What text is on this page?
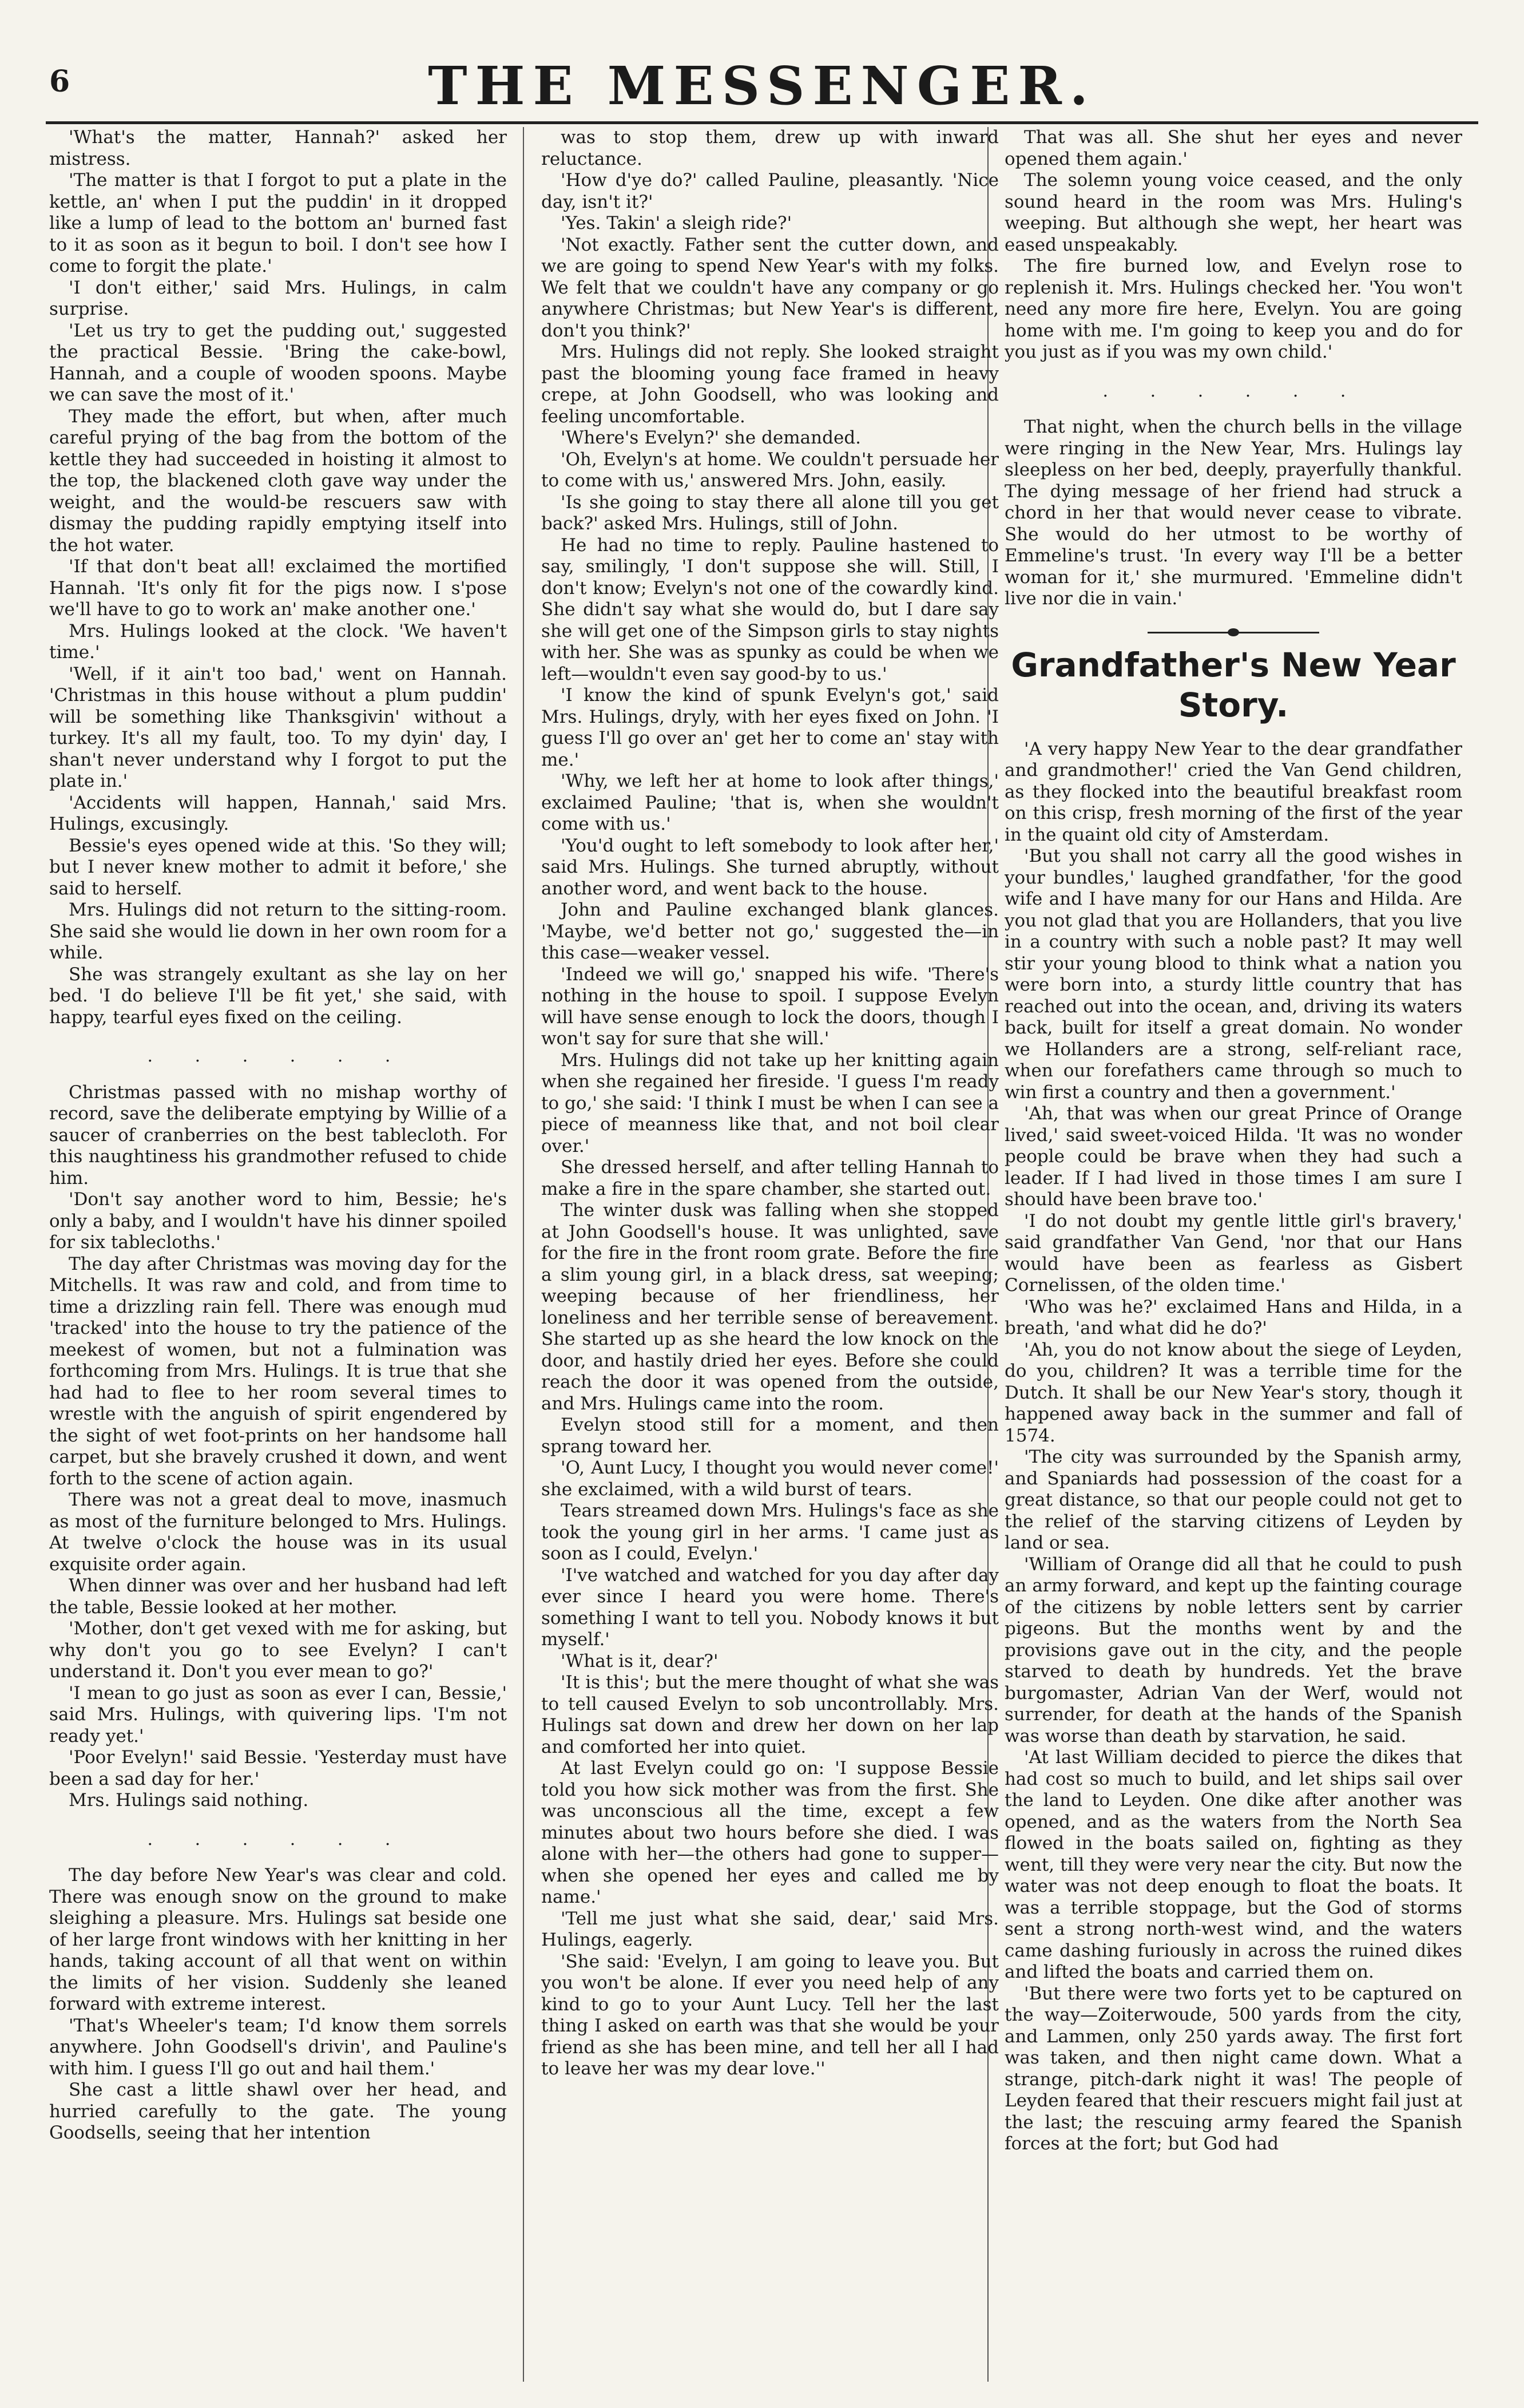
6	THE MESSENGER.

'What's the matter, Hannah?' asked her mistress.

'The matter is that I forgot to put a plate in the kettle, an' when I put the puddin' in it dropped like a lump of lead to the bottom an' burned fast to it as soon as it begun to boil. I don't see how I come to forgit the plate.'

'I don't either,' said Mrs. Hulings, in calm surprise.

'Let us try to get the pudding out,' suggested the practical Bessie. 'Bring the cake-bowl, Hannah, and a couple of wooden spoons. Maybe we can save the most of it.'

They made the effort, but when, after much careful prying of the bag from the bottom of the kettle they had succeeded in hoisting it almost to the top, the blackened cloth gave way under the weight, and the would-be rescuers saw with dismay the pudding rapidly emptying itself into the hot water.

'If that don't beat all! exclaimed the mortified Hannah. 'It's only fit for the pigs now. I s'pose we'll have to go to work an' make another one.'

Mrs. Hulings looked at the clock. 'We haven't time.'

'Well, if it ain't too bad,' went on Hannah. 'Christmas in this house without a plum puddin' will be something like Thanksgivin' without a turkey. It's all my fault, too. To my dyin' day, I shan't never understand why I forgot to put the plate in.'

'Accidents will happen, Hannah,' said Mrs. Hulings, excusingly.

Bessie's eyes opened wide at this. 'So they will; but I never knew mother to admit it before,' she said to herself.

Mrs. Hulings did not return to the sitting-room. She said she would lie down in her own room for a while.

She was strangely exultant as she lay on her bed. 'I do believe I'll be fit yet,' she said, with happy, tearful eyes fixed on the ceiling.

. . . . . .

Christmas passed with no mishap worthy of record, save the deliberate emptying by Willie of a saucer of cranberries on the best tablecloth. For this naughtiness his grandmother refused to chide him.

'Don't say another word to him, Bessie; he's only a baby, and I wouldn't have his dinner spoiled for six tablecloths.'

The day after Christmas was moving day for the Mitchells. It was raw and cold, and from time to time a drizzling rain fell. There was enough mud 'tracked' into the house to try the patience of the meekest of women, but not a fulmination was forthcoming from Mrs. Hulings. It is true that she had had to flee to her room several times to wrestle with the anguish of spirit engendered by the sight of wet foot-prints on her handsome hall carpet, but she bravely crushed it down, and went forth to the scene of action again.

There was not a great deal to move, inasmuch as most of the furniture belonged to Mrs. Hulings. At twelve o'clock the house was in its usual exquisite order again.

When dinner was over and her husband had left the table, Bessie looked at her mother.

'Mother, don't get vexed with me for asking, but why don't you go to see Evelyn? I can't understand it. Don't you ever mean to go?'

'I mean to go just as soon as ever I can, Bessie,' said Mrs. Hulings, with quivering lips. 'I'm not ready yet.'

'Poor Evelyn!' said Bessie. 'Yesterday must have been a sad day for her.'

Mrs. Hulings said nothing.

. . . . . .

The day before New Year's was clear and cold. There was enough snow on the ground to make sleighing a pleasure. Mrs. Hulings sat beside one of her large front windows with her knitting in her hands, taking account of all that went on within the limits of her vision. Suddenly she leaned forward with extreme interest.

'That's Wheeler's team; I'd know them sorrels anywhere. John Goodsell's drivin', and Pauline's with him. I guess I'll go out and hail them.'

She cast a little shawl over her head, and hurried carefully to the gate. The young Goodsells, seeing that her intention

was to stop them, drew up with inward reluctance.

'How d'ye do?' called Pauline, pleasantly. 'Nice day, isn't it?'

'Yes. Takin' a sleigh ride?'

'Not exactly. Father sent the cutter down, and we are going to spend New Year's with my folks. We felt that we couldn't have any company or go anywhere Christmas; but New Year's is different, don't you think?'

Mrs. Hulings did not reply. She looked straight past the blooming young face framed in heavy crepe, at John Goodsell, who was looking and feeling uncomfortable.

'Where's Evelyn?' she demanded.

'Oh, Evelyn's at home. We couldn't persuade her to come with us,' answered Mrs. John, easily.

'Is she going to stay there all alone till you get back?' asked Mrs. Hulings, still of John.

He had no time to reply. Pauline hastened to say, smilingly, 'I don't suppose she will. Still, I don't know; Evelyn's not one of the cowardly kind. She didn't say what she would do, but I dare say she will get one of the Simpson girls to stay nights with her. She was as spunky as could be when we left—wouldn't even say good-by to us.'

'I know the kind of spunk Evelyn's got,' said Mrs. Hulings, dryly, with her eyes fixed on John. 'I guess I'll go over an' get her to come an' stay with me.'

'Why, we left her at home to look after things,' exclaimed Pauline; 'that is, when she wouldn't come with us.'

'You'd ought to left somebody to look after her,' said Mrs. Hulings. She turned abruptly, without another word, and went back to the house.

John and Pauline exchanged blank glances. 'Maybe, we'd better not go,' suggested the—in this case—weaker vessel.

'Indeed we will go,' snapped his wife. 'There's nothing in the house to spoil. I suppose Evelyn will have sense enough to lock the doors, though I won't say for sure that she will.'

Mrs. Hulings did not take up her knitting again when she regained her fireside. 'I guess I'm ready to go,' she said: 'I think I must be when I can see a piece of meanness like that, and not boil clear over.'

She dressed herself, and after telling Hannah to make a fire in the spare chamber, she started out.

The winter dusk was falling when she stopped at John Goodsell's house. It was unlighted, save for the fire in the front room grate. Before the fire a slim young girl, in a black dress, sat weeping; weeping because of her friendliness, her loneliness and her terrible sense of bereavement. She started up as she heard the low knock on the door, and hastily dried her eyes. Before she could reach the door it was opened from the outside, and Mrs. Hulings came into the room.

Evelyn stood still for a moment, and then sprang toward her.

'O, Aunt Lucy, I thought you would never come!' she exclaimed, with a wild burst of tears.

Tears streamed down Mrs. Hulings's face as she took the young girl in her arms. 'I came just as soon as I could, Evelyn.'

'I've watched and watched for you day after day ever since I heard you were home. There's something I want to tell you. Nobody knows it but myself.'

'What is it, dear?'

'It is this'; but the mere thought of what she was to tell caused Evelyn to sob uncontrollably. Mrs. Hulings sat down and drew her down on her lap and comforted her into quiet.

At last Evelyn could go on: 'I suppose Bessie told you how sick mother was from the first. She was unconscious all the time, except a few minutes about two hours before she died. I was alone with her—the others had gone to supper—when she opened her eyes and called me by name.'

'Tell me just what she said, dear,' said Mrs. Hulings, eagerly.

'She said: 'Evelyn, I am going to leave you. But you won't be alone. If ever you need help of any kind to go to your Aunt Lucy. Tell her the last thing I asked on earth was that she would be your friend as she has been mine, and tell her all I had to leave her was my dear love.''

That was all. She shut her eyes and never opened them again.'

The solemn young voice ceased, and the only sound heard in the room was Mrs. Huling's weeping. But although she wept, her heart was eased unspeakably.

The fire burned low, and Evelyn rose to replenish it. Mrs. Hulings checked her. 'You won't need any more fire here, Evelyn. You are going home with me. I'm going to keep you and do for you just as if you was my own child.'

. . . . . .

That night, when the church bells in the village were ringing in the New Year, Mrs. Hulings lay sleepless on her bed, deeply, prayerfully thankful. The dying message of her friend had struck a chord in her that would never cease to vibrate. She would do her utmost to be worthy of Emmeline's trust. 'In every way I'll be a better woman for it,' she murmured. 'Emmeline didn't live nor die in vain.'

Grandfather's New Year Story.

'A very happy New Year to the dear grandfather and grandmother!' cried the Van Gend children, as they flocked into the beautiful breakfast room on this crisp, fresh morning of the first of the year in the quaint old city of Amsterdam.

'But you shall not carry all the good wishes in your bundles,' laughed grandfather, 'for the good wife and I have many for our Hans and Hilda. Are you not glad that you are Hollanders, that you live in a country with such a noble past? It may well stir your young blood to think what a nation you were born into, a sturdy little country that has reached out into the ocean, and, driving its waters back, built for itself a great domain. No wonder we Hollanders are a strong, self-reliant race, when our forefathers came through so much to win first a country and then a government.'

'Ah, that was when our great Prince of Orange lived,' said sweet-voiced Hilda. 'It was no wonder people could be brave when they had such a leader. If I had lived in those times I am sure I should have been brave too.'

'I do not doubt my gentle little girl's bravery,' said grandfather Van Gend, 'nor that our Hans would have been as fearless as Gisbert Cornelissen, of the olden time.'

'Who was he?' exclaimed Hans and Hilda, in a breath, 'and what did he do?'

'Ah, you do not know about the siege of Leyden, do you, children? It was a terrible time for the Dutch. It shall be our New Year's story, though it happened away back in the summer and fall of 1574.

'The city was surrounded by the Spanish army, and Spaniards had possession of the coast for a great distance, so that our people could not get to the relief of the starving citizens of Leyden by land or sea.

'William of Orange did all that he could to push an army forward, and kept up the fainting courage of the citizens by noble letters sent by carrier pigeons. But the months went by and the provisions gave out in the city, and the people starved to death by hundreds. Yet the brave burgomaster, Adrian Van der Werf, would not surrender, for death at the hands of the Spanish was worse than death by starvation, he said.

'At last William decided to pierce the dikes that had cost so much to build, and let ships sail over the land to Leyden. One dike after another was opened, and as the waters from the North Sea flowed in the boats sailed on, fighting as they went, till they were very near the city. But now the water was not deep enough to float the boats. It was a terrible stoppage, but the God of storms sent a strong north-west wind, and the waters came dashing furiously in across the ruined dikes and lifted the boats and carried them on.

'But there were two forts yet to be captured on the way—Zoiterwoude, 500 yards from the city, and Lammen, only 250 yards away. The first fort was taken, and then night came down. What a strange, pitch-dark night it was! The people of Leyden feared that their rescuers might fail just at the last; the rescuing army feared the Spanish forces at the fort; but God had
